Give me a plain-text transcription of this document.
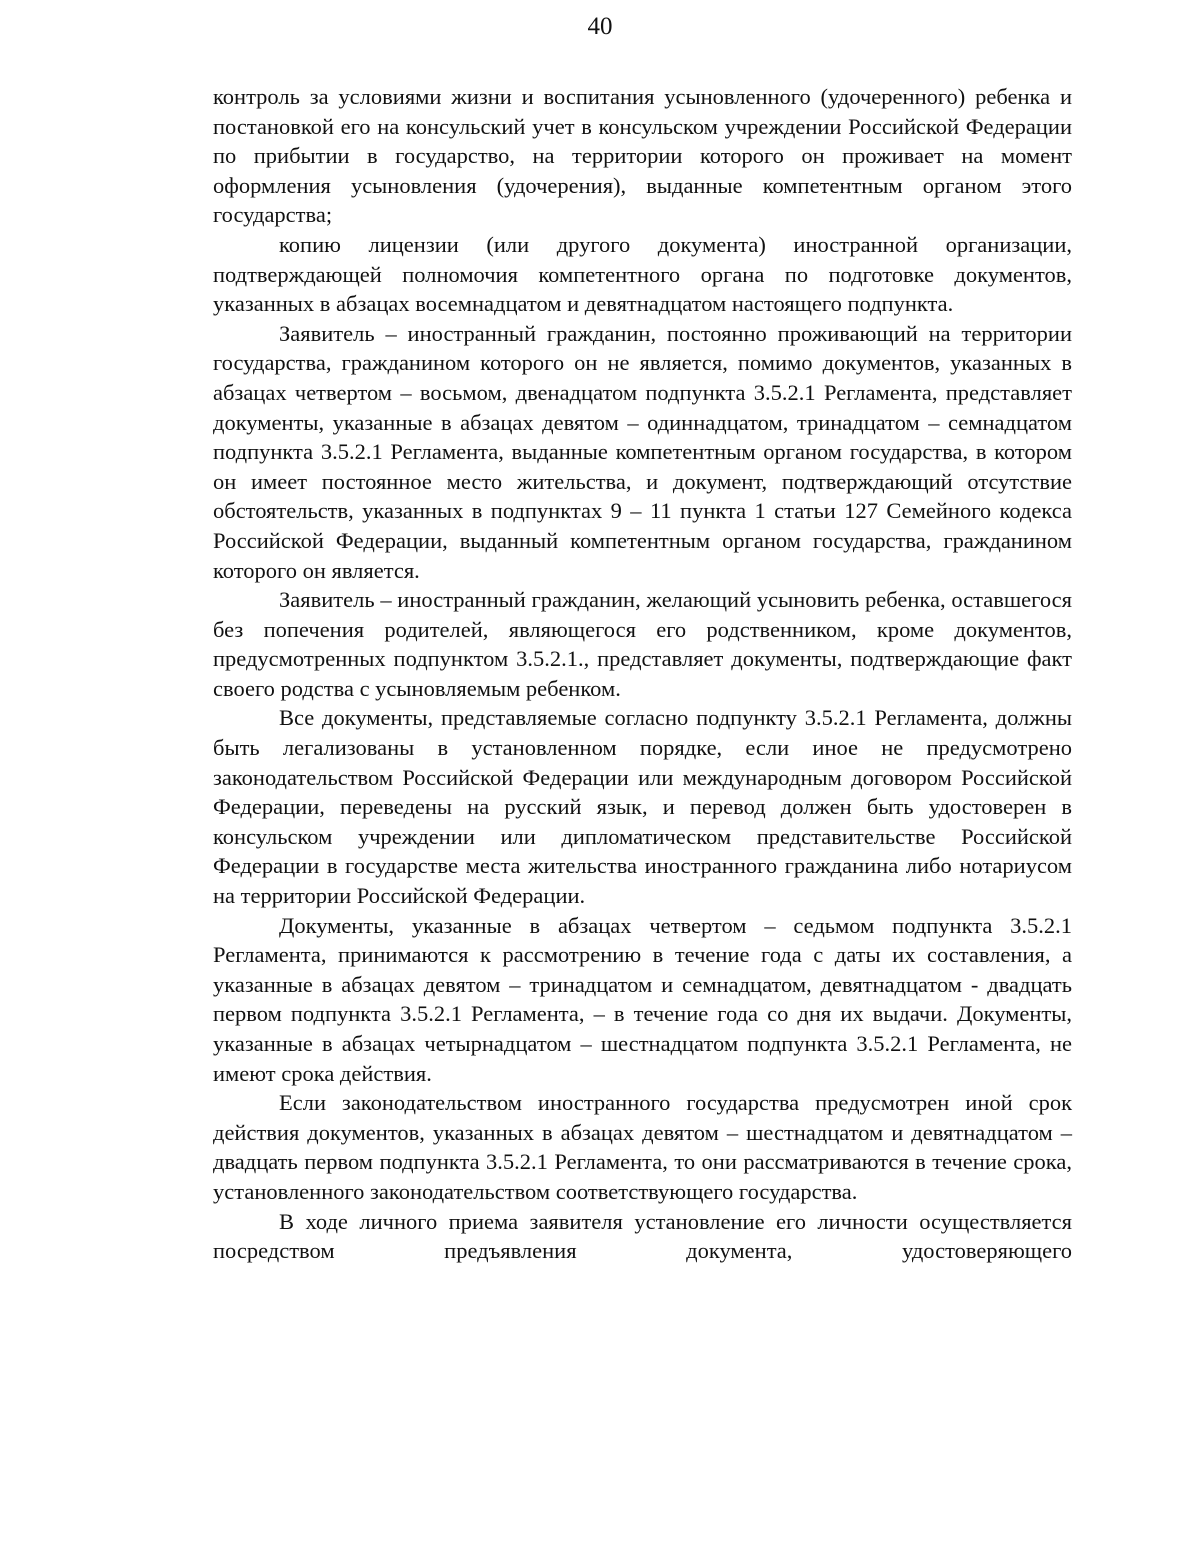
40

контроль за условиями жизни и воспитания усыновленного (удочеренного) ребенка и постановкой его на консульский учет в консульском учреждении Российской Федерации по прибытии в государство, на территории которого он проживает на момент оформления усыновления (удочерения), выданные компетентным органом этого государства;

копию лицензии (или другого документа) иностранной организации, подтверждающей полномочия компетентного органа по подготовке документов, указанных в абзацах восемнадцатом и девятнадцатом настоящего подпункта.

Заявитель – иностранный гражданин, постоянно проживающий на территории государства, гражданином которого он не является, помимо документов, указанных в абзацах четвертом – восьмом, двенадцатом подпункта 3.5.2.1 Регламента, представляет документы, указанные в абзацах девятом – одиннадцатом, тринадцатом – семнадцатом подпункта 3.5.2.1 Регламента, выданные компетентным органом государства, в котором он имеет постоянное место жительства, и документ, подтверждающий отсутствие обстоятельств, указанных в подпунктах 9 – 11 пункта 1 статьи 127 Семейного кодекса Российской Федерации, выданный компетентным органом государства, гражданином которого он является.

Заявитель – иностранный гражданин, желающий усыновить ребенка, оставшегося без попечения родителей, являющегося его родственником, кроме документов, предусмотренных подпунктом 3.5.2.1., представляет документы, подтверждающие факт своего родства с усыновляемым ребенком.

Все документы, представляемые согласно подпункту 3.5.2.1 Регламента, должны быть легализованы в установленном порядке, если иное не предусмотрено законодательством Российской Федерации или международным договором Российской Федерации, переведены на русский язык, и перевод должен быть удостоверен в консульском учреждении или дипломатическом представительстве Российской Федерации в государстве места жительства иностранного гражданина либо нотариусом на территории Российской Федерации.

Документы, указанные в абзацах четвертом – седьмом подпункта 3.5.2.1 Регламента, принимаются к рассмотрению в течение года с даты их составления, а указанные в абзацах девятом – тринадцатом и семнадцатом, девятнадцатом - двадцать первом подпункта 3.5.2.1 Регламента, – в течение года со дня их выдачи. Документы, указанные в абзацах четырнадцатом – шестнадцатом подпункта 3.5.2.1 Регламента, не имеют срока действия.

Если законодательством иностранного государства предусмотрен иной срок действия документов, указанных в абзацах девятом – шестнадцатом и девятнадцатом – двадцать первом подпункта 3.5.2.1 Регламента, то они рассматриваются в течение срока, установленного законодательством соответствующего государства.

В ходе личного приема заявителя установление его личности осуществляется посредством предъявления документа, удостоверяющего
